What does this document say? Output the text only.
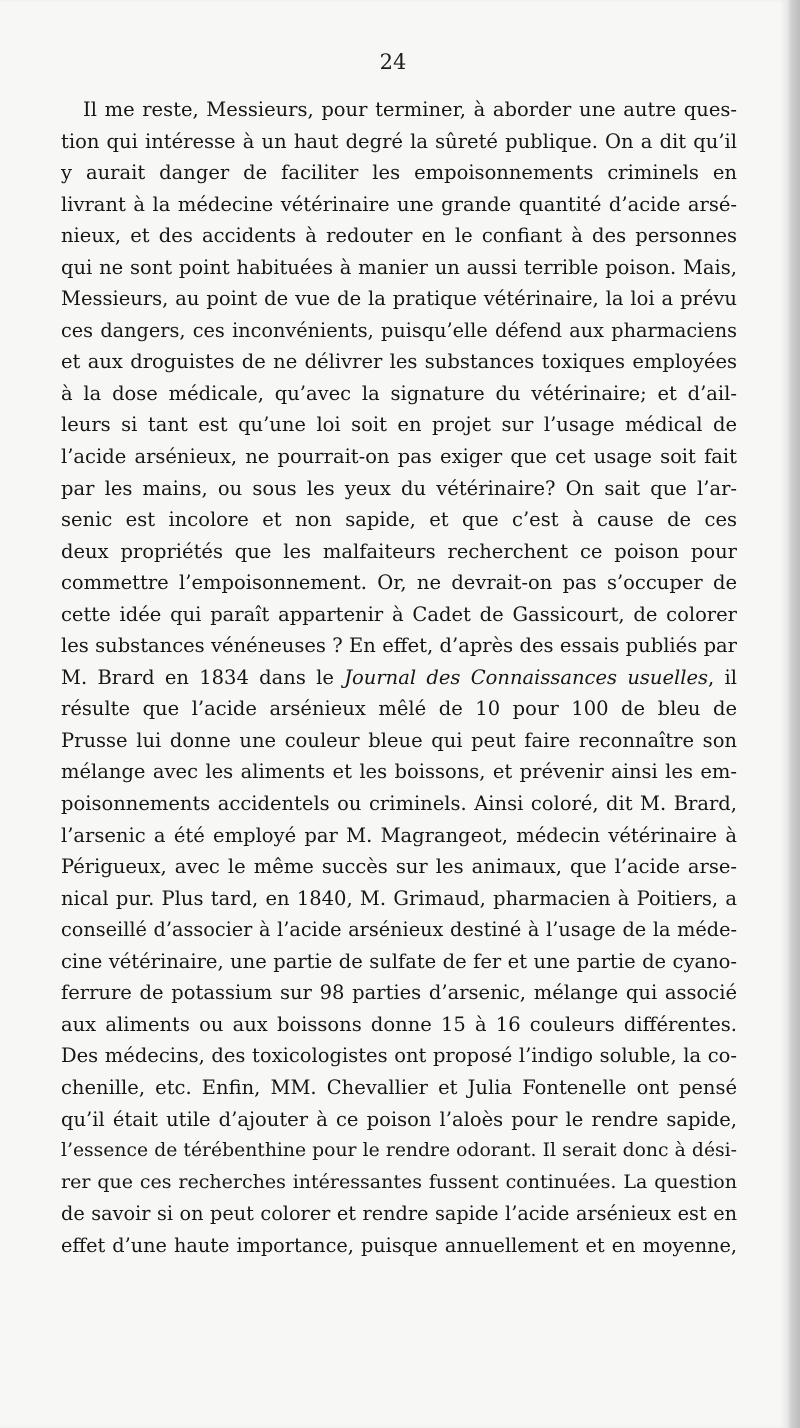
24
Il me reste, Messieurs, pour terminer, à aborder une autre ques-
tion qui intéresse à un haut degré la sûreté publique. On a dit qu’il
y aurait danger de faciliter les empoisonnements criminels en
livrant à la médecine vétérinaire une grande quantité d’acide arsé-
nieux, et des accidents à redouter en le confiant à des personnes
qui ne sont point habituées à manier un aussi terrible poison. Mais,
Messieurs, au point de vue de la pratique vétérinaire, la loi a prévu
ces dangers, ces inconvénients, puisqu’elle défend aux pharmaciens
et aux droguistes de ne délivrer les substances toxiques employées
à la dose médicale, qu’avec la signature du vétérinaire; et d’ail-
leurs si tant est qu’une loi soit en projet sur l’usage médical de
l’acide arsénieux, ne pourrait-on pas exiger que cet usage soit fait
par les mains, ou sous les yeux du vétérinaire? On sait que l’ar-
senic est incolore et non sapide, et que c’est à cause de ces
deux propriétés que les malfaiteurs recherchent ce poison pour
commettre l’empoisonnement. Or, ne devrait-on pas s’occuper de
cette idée qui paraît appartenir à Cadet de Gassicourt, de colorer
les substances vénéneuses ? En effet, d’après des essais publiés par
M. Brard en 1834 dans le Journal des Connaissances usuelles, il
résulte que l’acide arsénieux mêlé de 10 pour 100 de bleu de
Prusse lui donne une couleur bleue qui peut faire reconnaître son
mélange avec les aliments et les boissons, et prévenir ainsi les em-
poisonnements accidentels ou criminels. Ainsi coloré, dit M. Brard,
l’arsenic a été employé par M. Magrangeot, médecin vétérinaire à
Périgueux, avec le même succès sur les animaux, que l’acide arse-
nical pur. Plus tard, en 1840, M. Grimaud, pharmacien à Poitiers, a
conseillé d’associer à l’acide arsénieux destiné à l’usage de la méde-
cine vétérinaire, une partie de sulfate de fer et une partie de cyano-
ferrure de potassium sur 98 parties d’arsenic, mélange qui associé
aux aliments ou aux boissons donne 15 à 16 couleurs différentes.
Des médecins, des toxicologistes ont proposé l’indigo soluble, la co-
chenille, etc. Enfin, MM. Chevallier et Julia Fontenelle ont pensé
qu’il était utile d’ajouter à ce poison l’aloès pour le rendre sapide,
l’essence de térébenthine pour le rendre odorant. Il serait donc à dési-
rer que ces recherches intéressantes fussent continuées. La question
de savoir si on peut colorer et rendre sapide l’acide arsénieux est en
effet d’une haute importance, puisque annuellement et en moyenne,
